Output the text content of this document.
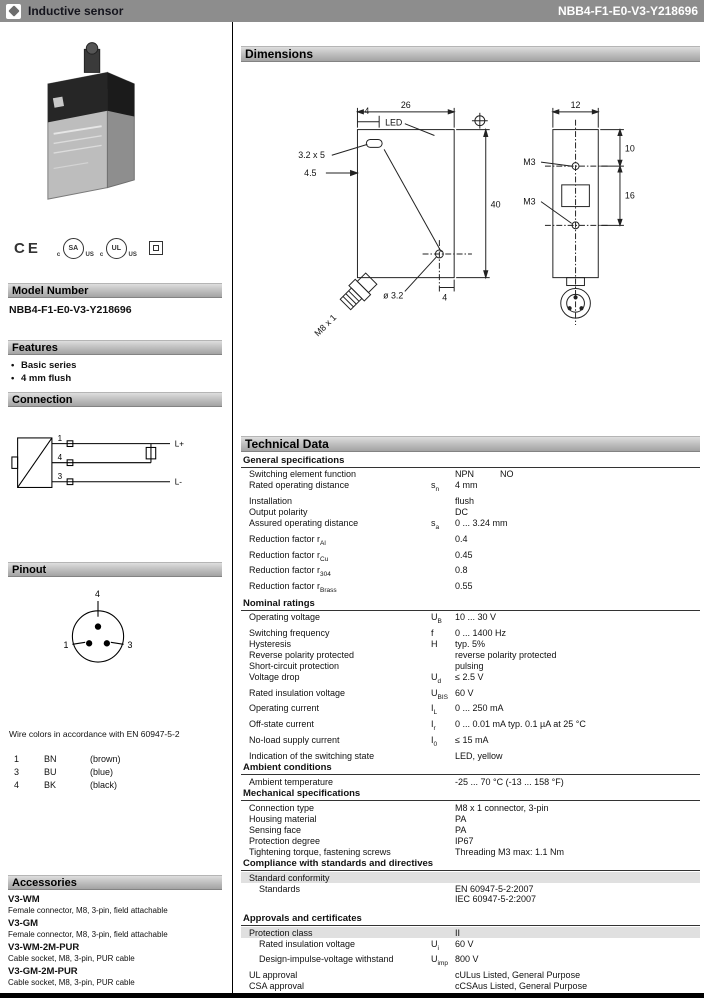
Inductive sensor	NBB4-F1-E0-V3-Y218696
CE	c
SA
US c
UL
US
Model Number
NBB4-F1-E0-V3-Y218696
Features
• Basic series
• 4 mm flush
Connection
1
4
3
L+
L-
Pinout
4
1	3
Wire colors in accordance with EN 60947-5-2
1	BN	(brown)
3	BU	(blue)
4	BK	(black)
Accessories
V3-WM
Female connector, M8, 3-pin, field attachable
V3-GM
Female connector, M8, 3-pin, field attachable
V3-WM-2M-PUR
Cable socket, M8, 3-pin, PUR cable
V3-GM-2M-PUR
Cable socket, M8, 3-pin, PUR cable
Dimensions
26
4
LED
3.2 x 5
4.5
40
ø 3.2	4
M8 x 1
12
10
16
M3
M3
Technical Data
General specifications
Switching element function	NPN	NO
Rated operating distance	$s_n$	4 mm
Installation	flush
Output polarity	DC
Assured operating distance	$s_a$	0 ... 3.24 mm
Reduction factor $r_{Al}$	0.4
Reduction factor $r_{Cu}$	0.45
Reduction factor $r_{304}$	0.8
Reduction factor $r_{Brass}$	0.55
Nominal ratings
Operating voltage	$U_B$	10 ... 30 V
Switching frequency	f	0 ... 1400 Hz
Hysteresis	H	typ. 5%
Reverse polarity protected	reverse polarity protected
Short-circuit protection	pulsing
Voltage drop	$U_d$	≤ 2.5 V
Rated insulation voltage	$U_{BIS}$ 60 V
Operating current	$I_L$	0 ... 250 mA
Off-state current	$I_r$	0 ... 0.01 mA typ. 0.1 µA at 25 °C
No-load supply current	$I_0$	≤ 15 mA
Indication of the switching state	LED, yellow
Ambient conditions
Ambient temperature	-25 ... 70 °C (-13 ... 158 °F)
Mechanical specifications
Connection type	M8 x 1 connector, 3-pin
Housing material	PA
Sensing face	PA
Protection degree	IP67
Tightening torque, fastening screws	Threading M3 max: 1.1 Nm
Compliance with standards and directives
Standard conformity
Standards	EN 60947-5-2:2007
IEC 60947-5-2:2007
Approvals and certificates
Protection class	II
Rated insulation voltage	$U_i$	60 V
Design-impulse-voltage withstand	$U_{imp}$ 800 V
UL approval	cULus Listed, General Purpose
CSA approval	cCSAus Listed, General Purpose
